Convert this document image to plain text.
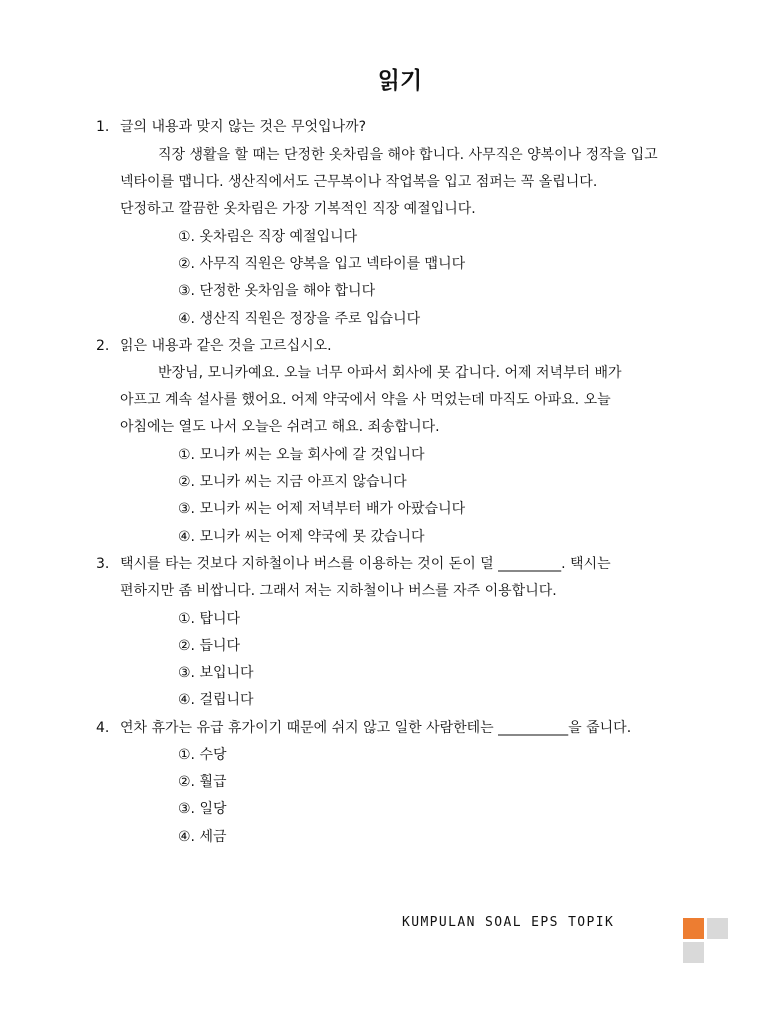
읽기
1. 글의 내용과 맞지 않는 것은 무엇입나까?
직장 생활을 할 때는 단정한 옷차림을 해야 합니다. 사무직은 양복이나 정작을 입고
넥타이를 맵니다. 생산직에서도 근무복이나 작업복을 입고 점퍼는 꼭 올립니다.
단정하고 깔끔한 옷차림은 가장 기복적인 직장 예절입니다.
①. 옷차림은 직장 예절입니다
②. 사무직 직원은 양복을 입고 넥타이를 맵니다
③. 단정한 옷차임을 해야 합니다
④. 생산직 직원은 정장을 주로 입습니다
2. 읽은 내용과 같은 것을 고르십시오.
반장님, 모니카예요. 오늘 너무 아파서 회사에 못 갑니다. 어제 저녁부터 배가
아프고 계속 설사를 했어요. 어제 약국에서 약을 사 먹었는데 마직도 아파요. 오늘
아침에는 열도 나서 오늘은 쉬려고 해요. 죄송합니다.
①. 모니카 씨는 오늘 회사에 갈 것입니다
②. 모니카 씨는 지금 아프지 않습니다
③. 모니카 씨는 어제 저녁부터 배가 아팠습니다
④. 모니카 씨는 어제 약국에 못 갔습니다
3. 택시를 타는 것보다 지하철이나 버스를 이용하는 것이 돈이 덜 _________. 택시는
편하지만 좀 비쌉니다. 그래서 저는 지하철이나 버스를 자주 이용합니다.
①. 탑니다
②. 듭니다
③. 보입니다
④. 걸립니다
4. 연차 휴가는 유급 휴가이기 때문에 쉬지 않고 일한 사람한테는 __________을 줍니다.
①. 수당
②. 훨급
③. 일당
④. 세금
KUMPULAN SOAL EPS TOPIK
